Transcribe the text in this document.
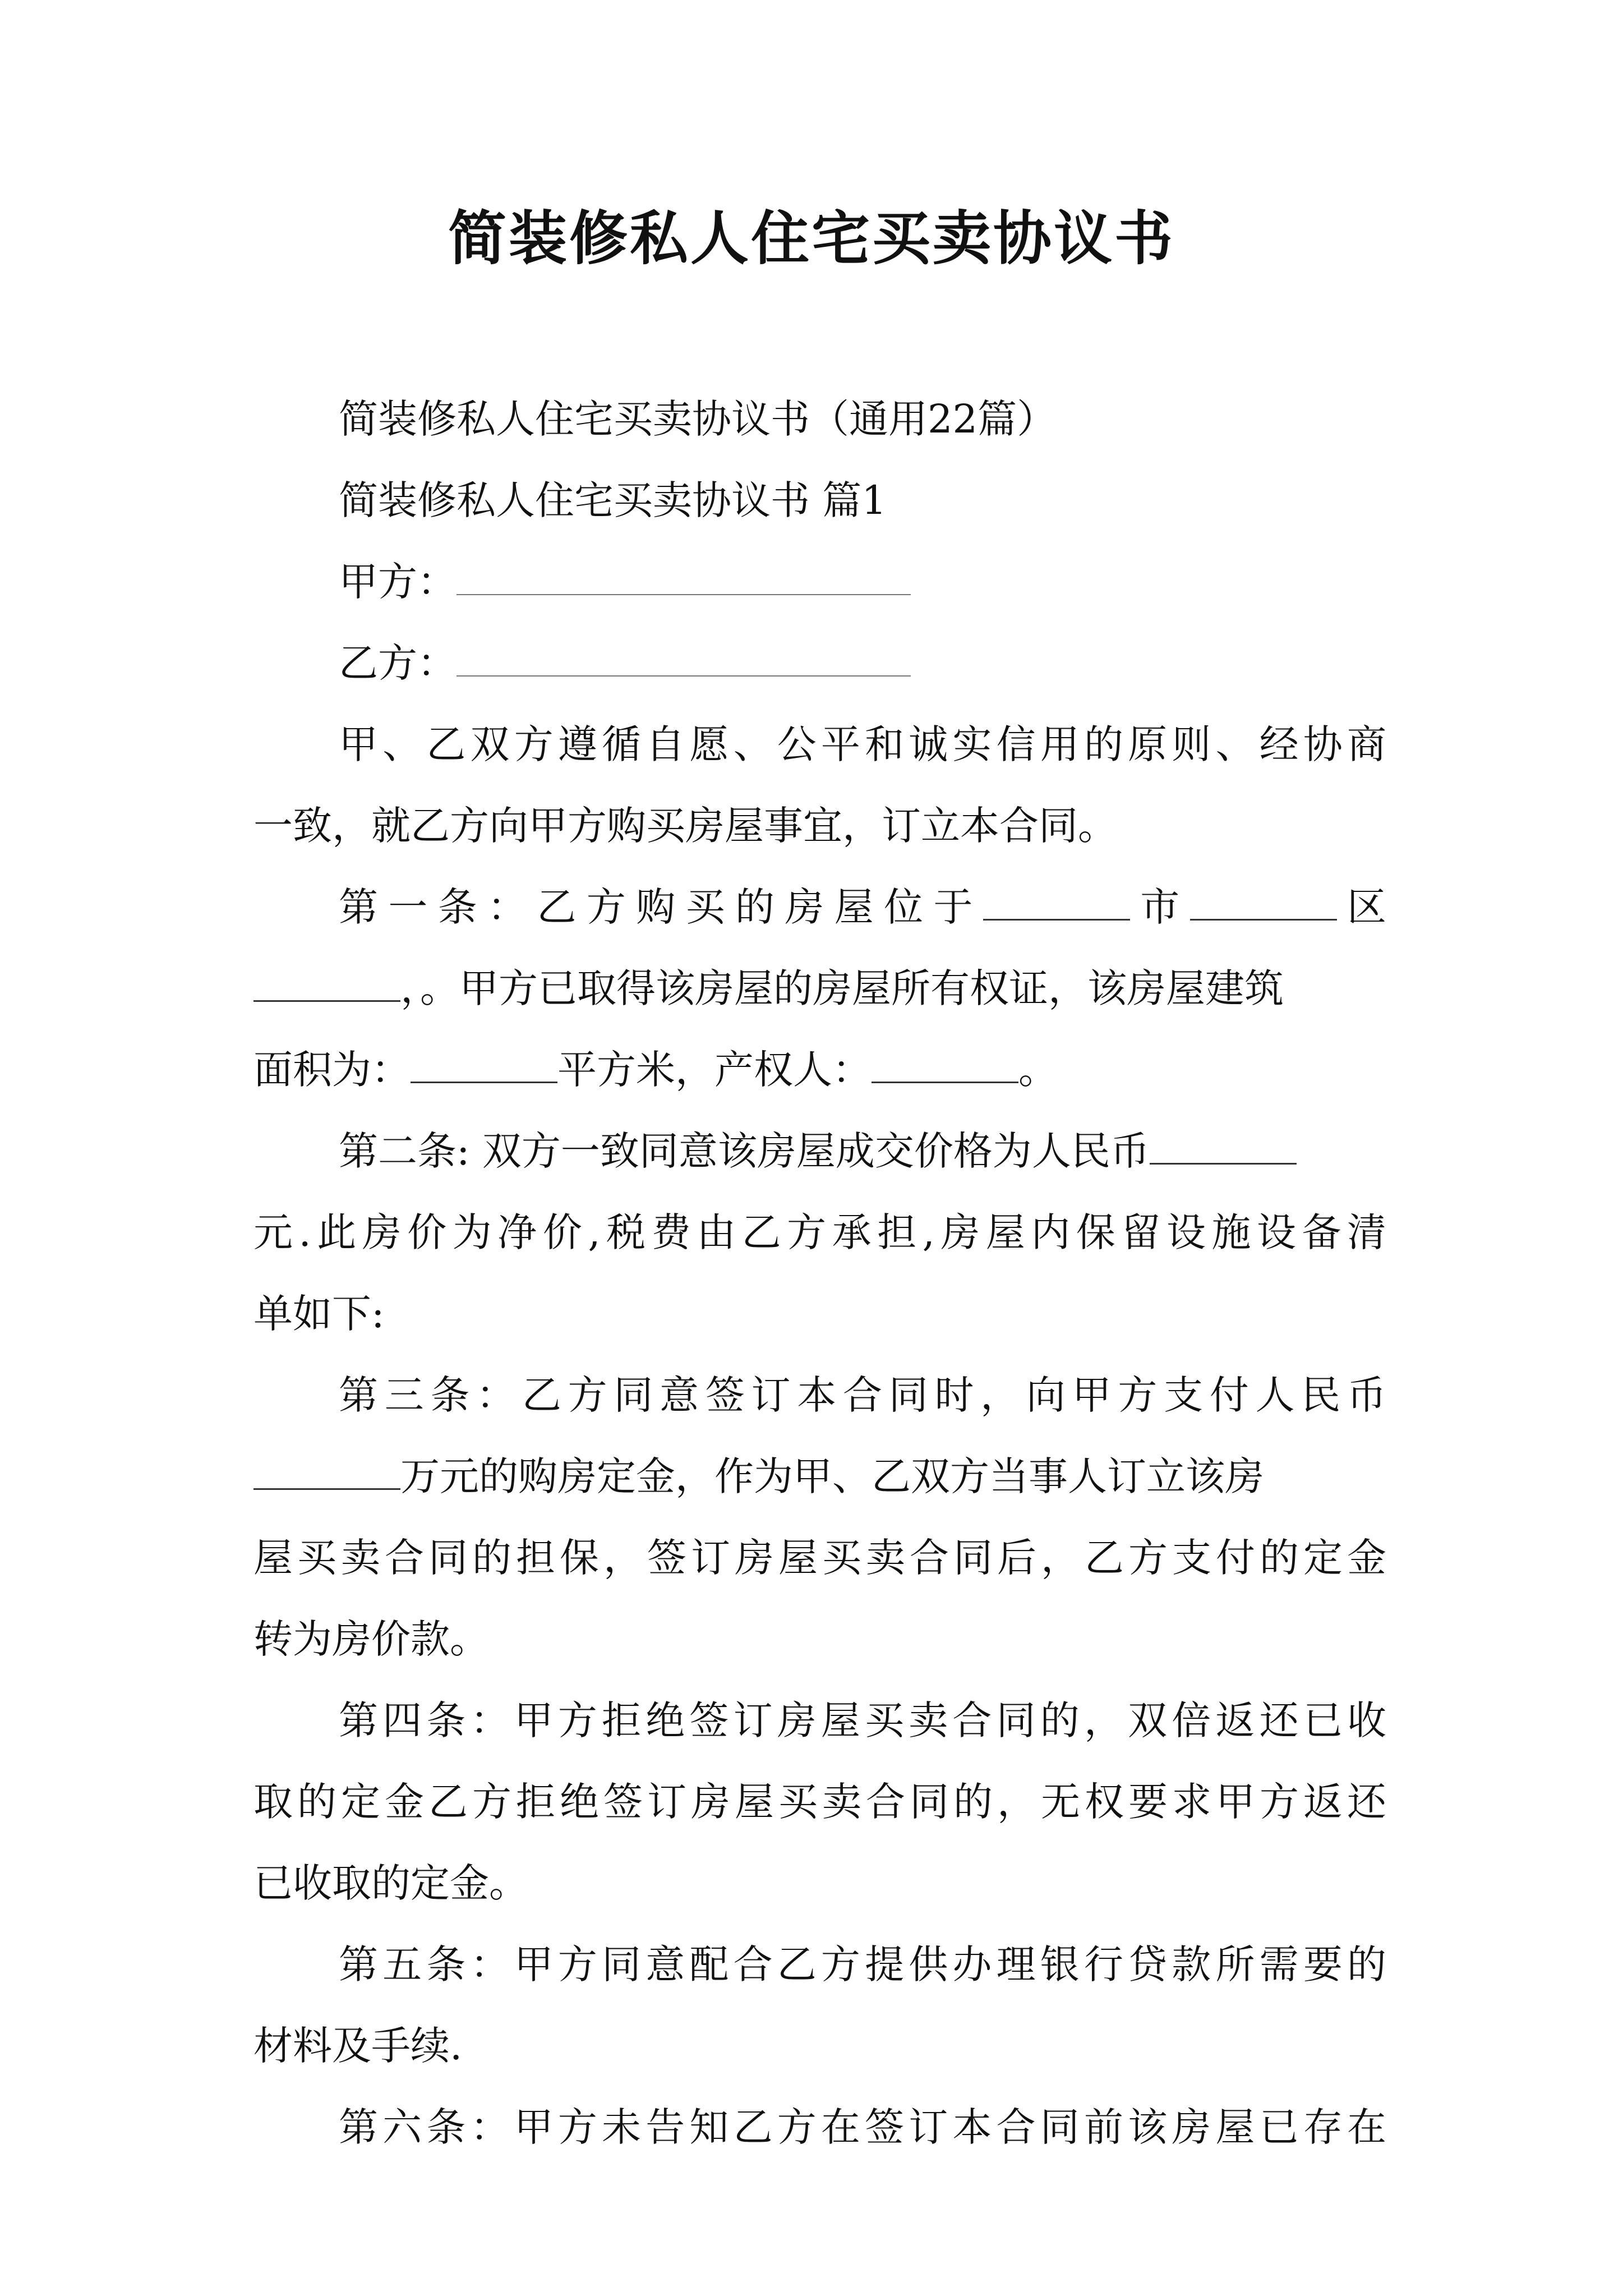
简装修私人住宅买卖协议书
简装修私人住宅买卖协议书（通用22篇）
简装修私人住宅买卖协议书 篇1
甲方：
乙方：
甲、乙双方遵循自愿、公平和诚实信用的原则、经协商
一致，就乙方向甲方购买房屋事宜，订立本合同。
第一条：乙方购买的房屋位于	市	区
，。甲方已取得该房屋的房屋所有权证，该房屋建筑
面积为：	平方米，产权人：	。
第二条: 双方一致同意该房屋成交价格为人民币
元.此房价为净价,税费由乙方承担,房屋内保留设施设备清
单如下:
第三条：乙方同意签订本合同时，向甲方支付人民币
万元的购房定金，作为甲、乙双方当事人订立该房
屋买卖合同的担保，签订房屋买卖合同后，乙方支付的定金
转为房价款。
第四条：甲方拒绝签订房屋买卖合同的，双倍返还已收
取的定金乙方拒绝签订房屋买卖合同的，无权要求甲方返还
已收取的定金。
第五条：甲方同意配合乙方提供办理银行贷款所需要的
材料及手续.
第六条：甲方未告知乙方在签订本合同前该房屋已存在
